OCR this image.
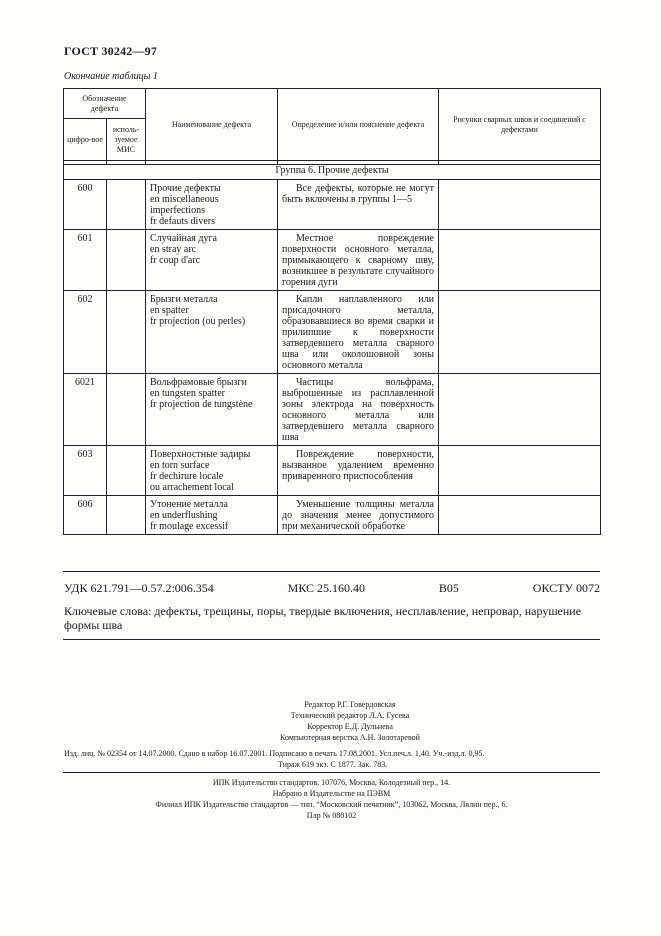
ГОСТ 30242—97
Окончание таблицы 1
Обозначение дефекта		Наименование дефекта	Определение и/или пояснение дефекта	Рисунки сварных швов и соединений с дефектами
цифро-вое	исполь-зуемое МИС			

Группа 6. Прочие дефекты				
600		Прочие дефекты
en miscellaneous
imperfections
fr defauts divers	Все дефекты, которые не могут быть включены в группы 1—5	
601		Случайная дуга
en stray arc
fr coup d'arc	Местное повреждение поверхности основного металла, примыкающего к сварному шву, возникшее в результате случайного горения дуги	
602		Брызги металла
en spatter
fr projection (ou perles)	Капли наплавленного или присадочного металла, образовавшиеся во время сварки и прилипшие к поверхности затвердевшего металла сварного шва или околошовной зоны основного металла	
6021		Вольфрамовые брызги
en tungsten spatter
fr projection de tungstène	Частицы вольфрама, выброшенные из расплавленной зоны электрода на поверхность основного металла или затвердевшего металла сварного шва	
603		Поверхностные задиры
en torn surface
fr dechirure locale
ou arrachement local	Повреждение поверхности, вызванное удалением временно приваренного приспособления	
606		Утонение металла
en underflushing
fr moulage excessif	Уменьшение толщины металла до значения менее допустимого при механической обработке	
УДК 621.791—0.57.2:006.354	МКС 25.160.40	В05	ОКСТУ 0072
Ключевые слова: дефекты, трещины, поры, твердые включения, несплавление, непровар, нарушение формы шва
Редактор Р.Г. Говердовская
Технический редактор Л.А. Гусева
Корректор Е.Д. Дульнева
Компьютерная верстка А.Н. Золотаревой
Изд. лиц. № 02354 от 14.07.2000. Сдано в набор 16.07.2001. Подписано в печать 17.08.2001. Усл.печ.л. 1,40. Уч.-изд.л. 0,95.
Тираж 619 экз. С 1877. Зак. 783.
ИПК Издательство стандартов, 107076, Москва, Колодезный пер., 14.
Набрано в Издательстве на ПЭВМ
Филиал ИПК Издательство стандартов — тип. “Московский печатник”, 103062, Москва, Лялин пер., 6.
Плр № 080102
